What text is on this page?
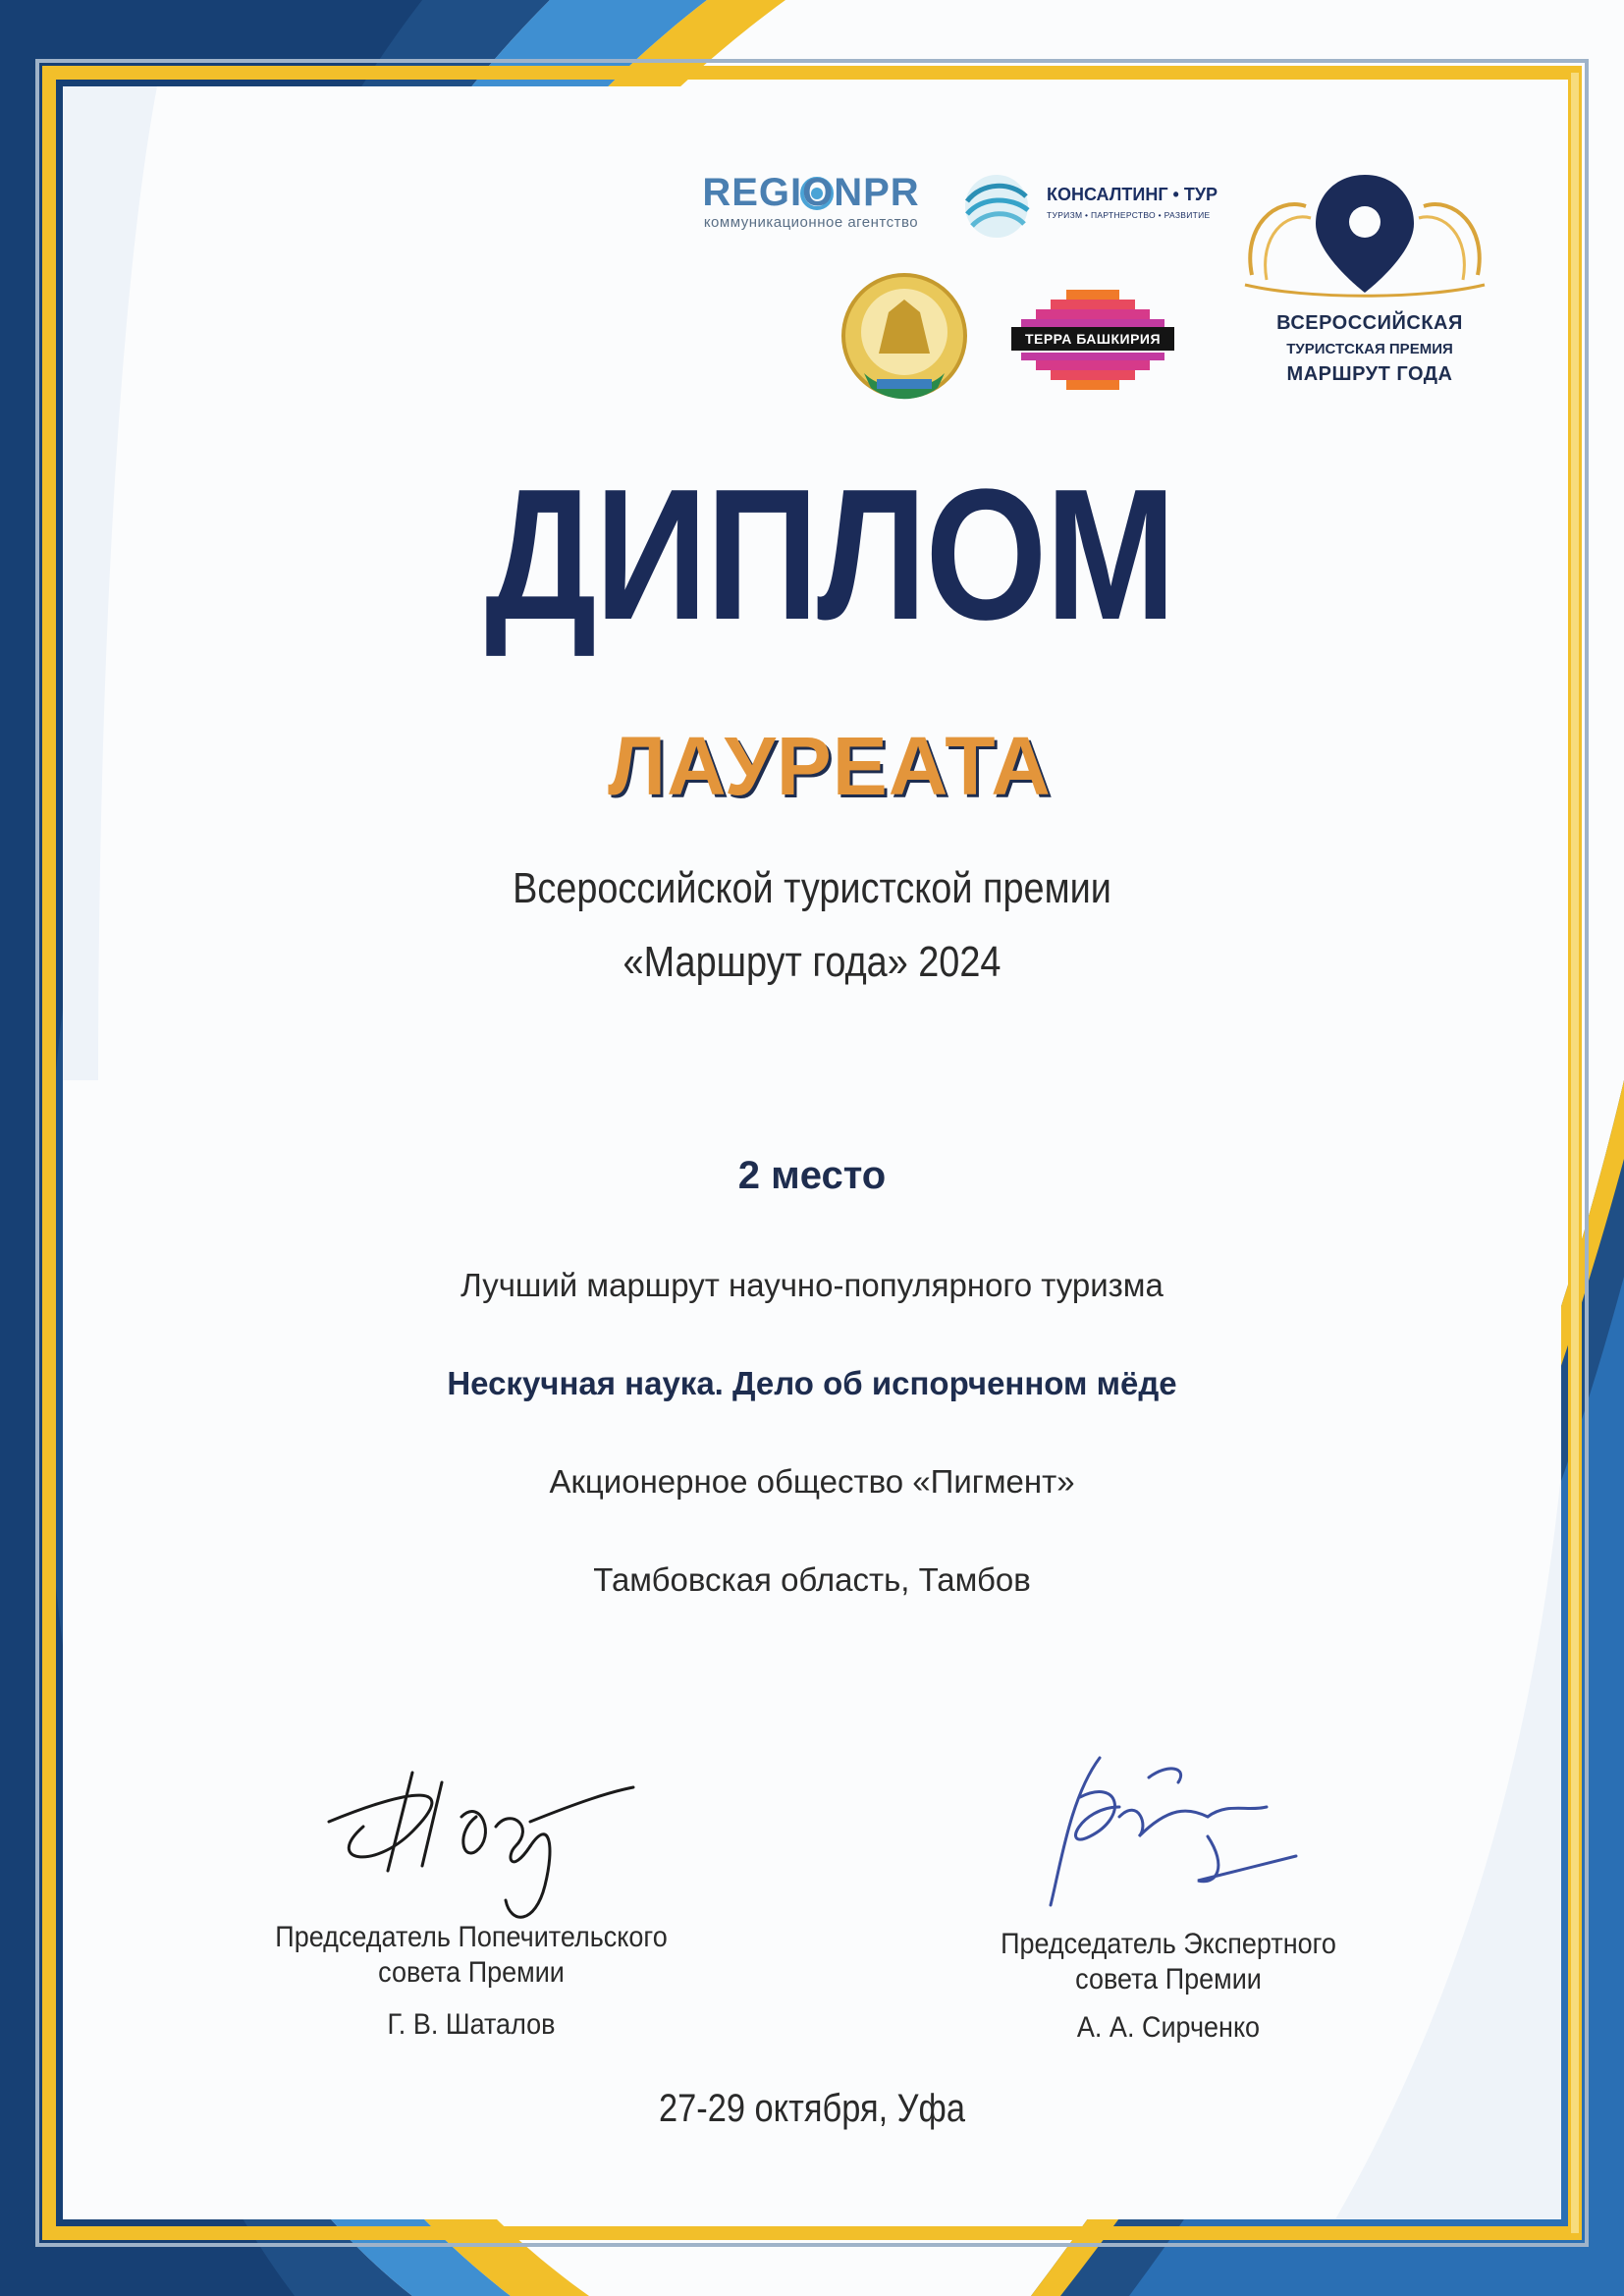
REGIONPR
коммуникационное агентство
КОНСАЛТИНГ • ТУР
ТУРИЗМ • ПАРТНЕРСТВО • РАЗВИТИЕ
ТЕРРА БАШКИРИЯ
ВСЕРОССИЙСКАЯ
ТУРИСТСКАЯ ПРЕМИЯ
МАРШРУТ ГОДА
ДИПЛОМ
ЛАУРЕАТА
Всероссийской туристской премии
«Маршрут года» 2024
2 место
Лучший маршрут научно-популярного туризма
Нескучная наука. Дело об испорченном мёде
Акционерное общество «Пигмент»
Тамбовская область, Тамбов
Председатель Попечительского
совета Премии
Г. В. Шаталов
Председатель Экспертного
совета Премии
А. А. Сирченко
27-29 октября, Уфа
